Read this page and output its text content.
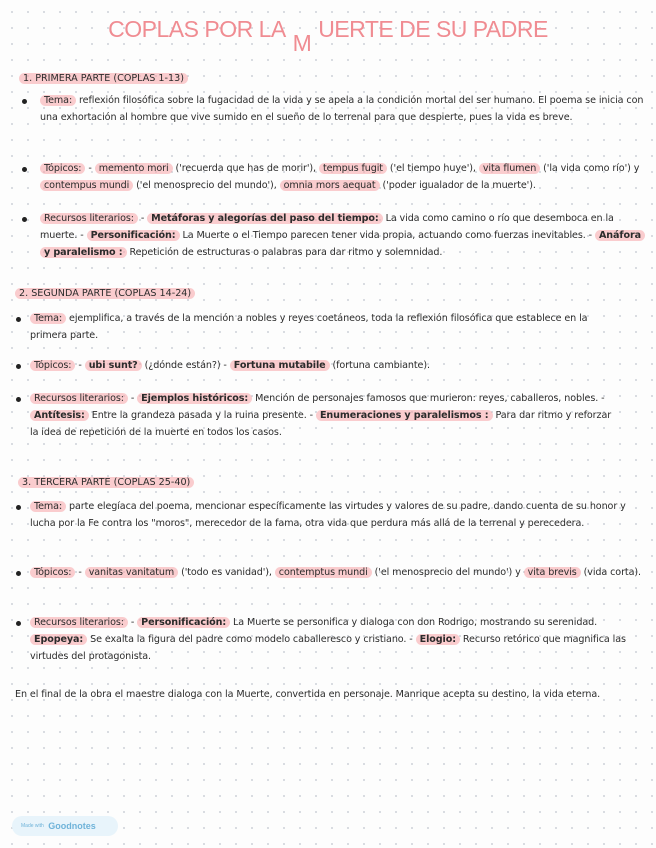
COPLAS POR LA M UERTE DE SU PADRE
1. PRIMERA PARTE (COPLAS 1-13)
Tema: reflexión filosófica sobre la fugacidad de la vida y se apela a la condición mortal del ser humano. El poema se inicia con una exhortación al hombre que vive sumido en el sueño de lo terrenal para que despierte, pues la vida es breve.
Tópicos: - memento mori ('recuerda que has de morir'), tempus fugit ('el tiempo huye'), vita flumen ('la vida como río') y contempus mundi ('el menosprecio del mundo'), omnia mors aequat ('poder igualador de la muerte').
Recursos literarios: - Metáforas y alegorías del paso del tiempo: La vida como camino o río que desemboca en la muerte. - Personificación: La Muerte o el Tiempo parecen tener vida propia, actuando como fuerzas inevitables. - Anáfora y paralelismo : Repetición de estructuras o palabras para dar ritmo y solemnidad.
2. SEGUNDA PARTE (COPLAS 14-24)
Tema: ejemplifica, a través de la mención a nobles y reyes coetáneos, toda la reflexión filosófica que establece en la primera parte.
Tópicos: - ubi sunt? (¿dónde están?) - Fortuna mutabile (fortuna cambiante).
Recursos literarios: - Ejemplos históricos: Mención de personajes famosos que murieron: reyes, caballeros, nobles. - Antítesis: Entre la grandeza pasada y la ruina presente. - Enumeraciones y paralelismos : Para dar ritmo y reforzar la idea de repetición de la muerte en todos los casos.
3. TERCERA PARTE (COPLAS 25-40)
Tema: parte elegíaca del poema, mencionar específicamente las virtudes y valores de su padre, dando cuenta de su honor y lucha por la Fe contra los "moros", merecedor de la fama, otra vida que perdura más allá de la terrenal y perecedera.
Tópicos: - vanitas vanitatum ('todo es vanidad'), contemptus mundi ('el menosprecio del mundo') y vita brevis (vida corta).
Recursos literarios: - Personificación: La Muerte se personifica y dialoga con don Rodrigo, mostrando su serenidad. Epopeya: Se exalta la figura del padre como modelo caballeresco y cristiano. - Elogio: Recurso retórico que magnifica las virtudes del protagonista.
En el final de la obra el maestre dialoga con la Muerte, convertida en personaje. Manrique acepta su destino, la vida eterna.
Made with Goodnotes
